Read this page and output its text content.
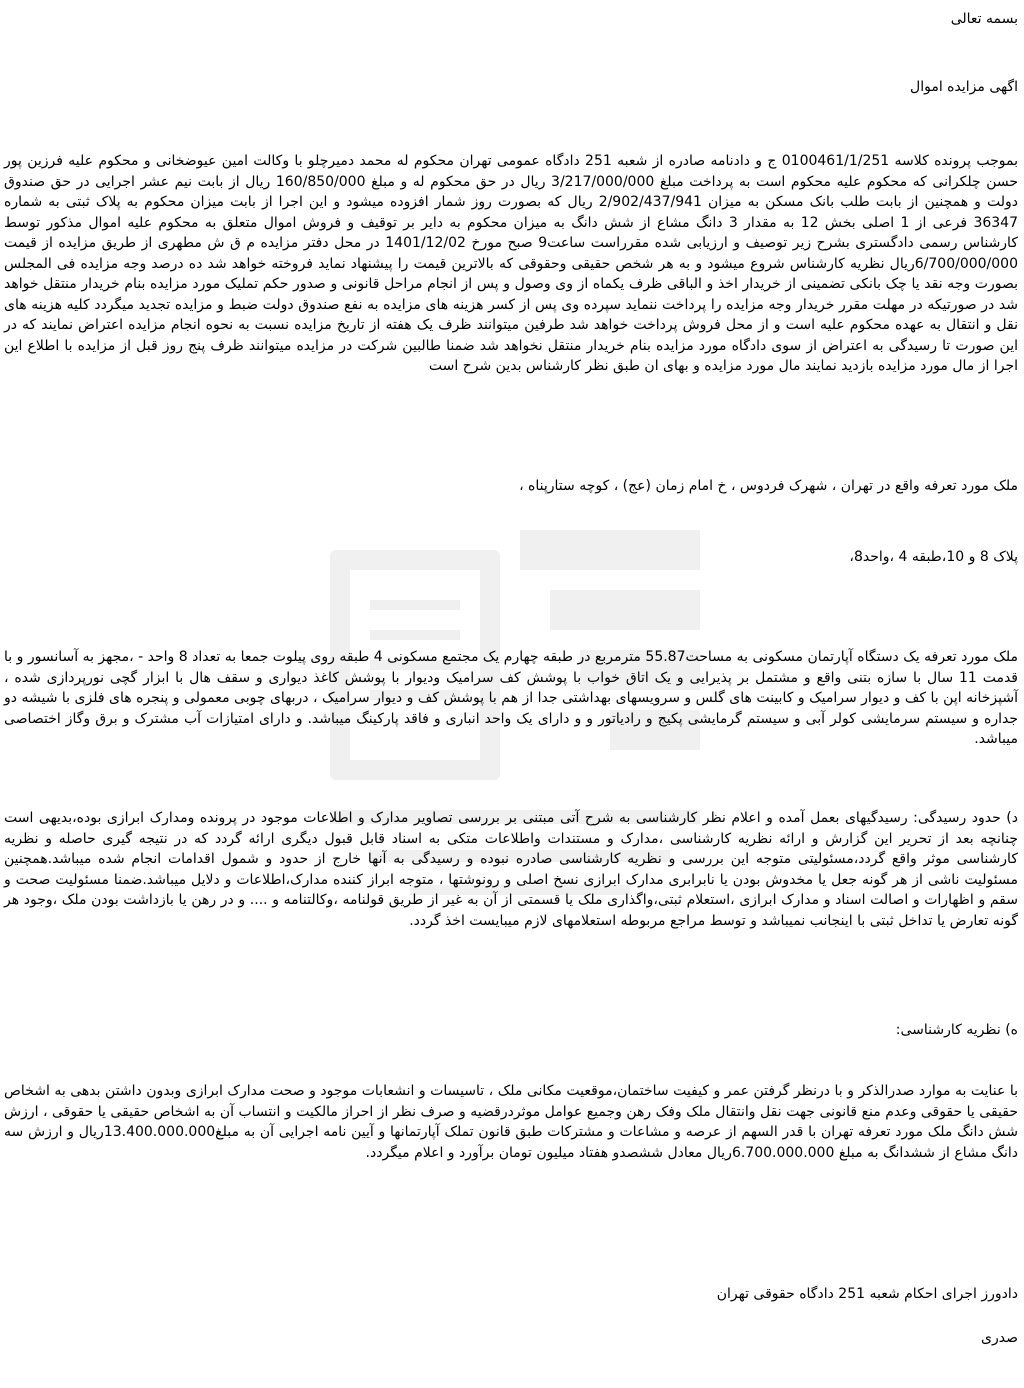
بسمه تعالی

اگهی مزایده اموال

بموجب پرونده کلاسه 0100461/1/251 ج و دادنامه صادره از شعبه 251 دادگاه عمومی تهران محکوم له محمد دمیرچلو با وکالت امین عیوضخانی و محکوم علیه فرزین پور حسن چلکرانی که محکوم علیه محکوم است به پرداخت مبلغ 3/217/000/000 ریال در حق محکوم له و مبلغ 160/850/000 ریال از بابت نیم عشر اجرایی در حق صندوق دولت و همچنین از بابت طلب بانک مسکن به میزان 2/902/437/941 ریال که بصورت روز شمار افزوده میشود و این اجرا از بابت میزان محکوم به پلاک ثبتی به شماره 36347 فرعی از 1 اصلی بخش 12 به مقدار 3 دانگ مشاع از شش دانگ به میزان محکوم به دایر بر توقیف و فروش اموال متعلق به محکوم علیه اموال مذکور توسط کارشناس رسمی دادگستری بشرح زیر توصیف و ارزیابی شده مقرراست ساعت9 صبح مورخ 1401/12/02 در محل دفتر مزایده م ق ش مطهری از طریق مزایده از قیمت 6/700/000/000ریال نظریه کارشناس شروع میشود و به هر شخص حقیقی وحقوقی که بالاترین قیمت را پیشنهاد نماید فروخته خواهد شد ده درصد وجه مزایده فی المجلس بصورت وجه نقد یا چک بانکی تضمینی از خریدار اخذ و الباقی ظرف یکماه از وی وصول و پس از انجام مراحل قانونی و صدور حکم تملیک مورد مزایده بنام خریدار منتقل خواهد شد در صورتیکه در مهلت مقرر خریدار وجه مزایده را پرداخت ننماید سپرده وی پس از کسر هزینه های مزایده به نفع صندوق دولت ضبط و مزایده تجدید میگردد کلیه هزینه های نقل و انتقال به عهده محکوم علیه است و از محل فروش پرداخت خواهد شد طرفین میتوانند ظرف یک هفته از تاریخ مزایده نسبت به نحوه انجام مزایده اعتراض نمایند که در این صورت تا رسیدگی به اعتراض از سوی دادگاه مورد مزایده بنام خریدار منتقل نخواهد شد ضمنا طالبین شرکت در مزایده میتوانند ظرف پنج روز قبل از مزایده با اطلاع این اجرا از مال مورد مزایده بازدید نمایند مال مورد مزایده و بهای ان طبق نظر کارشناس بدین شرح است

ملک مورد تعرفه واقع در تهران ، شهرک فردوس ، خ امام زمان (عج) ، کوچه ستارپناه ،

پلاک 8 و 10،طبقه 4 ،واحد8،

ملک مورد تعرفه یک دستگاه آپارتمان مسکونی به مساحت55.87 مترمربع در طبقه چهارم یک مجتمع مسکونی 4 طبقه روی پیلوت جمعا به تعداد 8 واحد - ،مجهز به آسانسور و با قدمت 11 سال با سازه بتنی واقع و مشتمل بر پذیرایی و یک اتاق خواب با پوشش کف سرامیک ودیوار با پوشش کاغذ دیواری و سقف هال با ابزار گچی نورپردازی شده ، آشپزخانه اپن با کف و دیوار سرامیک و کابینت های گلس و سرویسهای بهداشتی جدا از هم با پوشش کف و دیوار سرامیک ، دربهای چوبی معمولی و پنجره های فلزی با شیشه دو جداره و سیستم سرمایشی کولر آبی و سیستم گرمایشی پکیج و رادیاتور و و دارای یک واحد انباری و فاقد پارکینگ میباشد. و دارای امتیازات آب مشترک و برق وگاز اختصاصی میباشد.

د) حدود رسیدگی: رسیدگیهای بعمل آمده و اعلام نظر کارشناسی به شرح آتی مبتنی بر بررسی تصاویر مدارک و اطلاعات موجود در پرونده ومدارک ابرازی بوده،بدیهی است چنانچه بعد از تحریر این گزارش و ارائه نظریه کارشناسی ،مدارک و مستندات واطلاعات متکی به اسناد قابل قبول دیگری ارائه گردد که در نتیجه گیری حاصله و نظریه کارشناسی موثر واقع گردد،مسئولیتی متوجه این بررسی و نظریه کارشناسی صادره نبوده و رسیدگی به آنها خارج از حدود و شمول اقدامات انجام شده میباشد.همچنین مسئولیت ناشی از هر گونه جعل یا مخدوش بودن یا نابرابری مدارک ابرازی نسخ اصلی و رونوشتها ، متوجه ابراز کننده مدارک،اطلاعات و دلایل میباشد.ضمنا مسئولیت صحت و سقم و اظهارات و اصالت اسناد و مدارک ابرازی ،استعلام ثبتی،واگذاری ملک یا قسمتی از آن به غیر از طریق قولنامه ،وکالتنامه و .... و در رهن یا بازداشت بودن ملک ،وجود هر گونه تعارض یا تداخل ثبتی با اینجانب نمیباشد و توسط مراجع مربوطه استعلامهای لازم میبایست اخذ گردد.

ه) نظریه کارشناسی:

با عنایت به موارد صدرالذکر و با درنظر گرفتن عمر و کیفیت ساختمان،موقعیت مکانی ملک ، تاسیسات و انشعابات موجود و صحت مدارک ابرازی وبدون داشتن بدهی به اشخاص حقیقی یا حقوقی وعدم منع قانونی جهت نقل وانتقال ملک وفک رهن وجمیع عوامل موثردرقضیه و صرف نظر از احراز مالکیت و انتساب آن به اشخاص حقیقی یا حقوقی ، ارزش شش دانگ ملک مورد تعرفه تهران با قدر السهم از عرصه و مشاعات و مشترکات طبق قانون تملک آپارتمانها و آیین نامه اجرایی آن به مبلغ13.400.000.000ریال و ارزش سه دانگ مشاع از ششدانگ به مبلغ 6.700.000.000ریال معادل ششصدو هفتاد میلیون تومان برآورد و اعلام میگردد.

دادورز اجرای احکام شعبه 251 دادگاه حقوقی تهران

صدری
